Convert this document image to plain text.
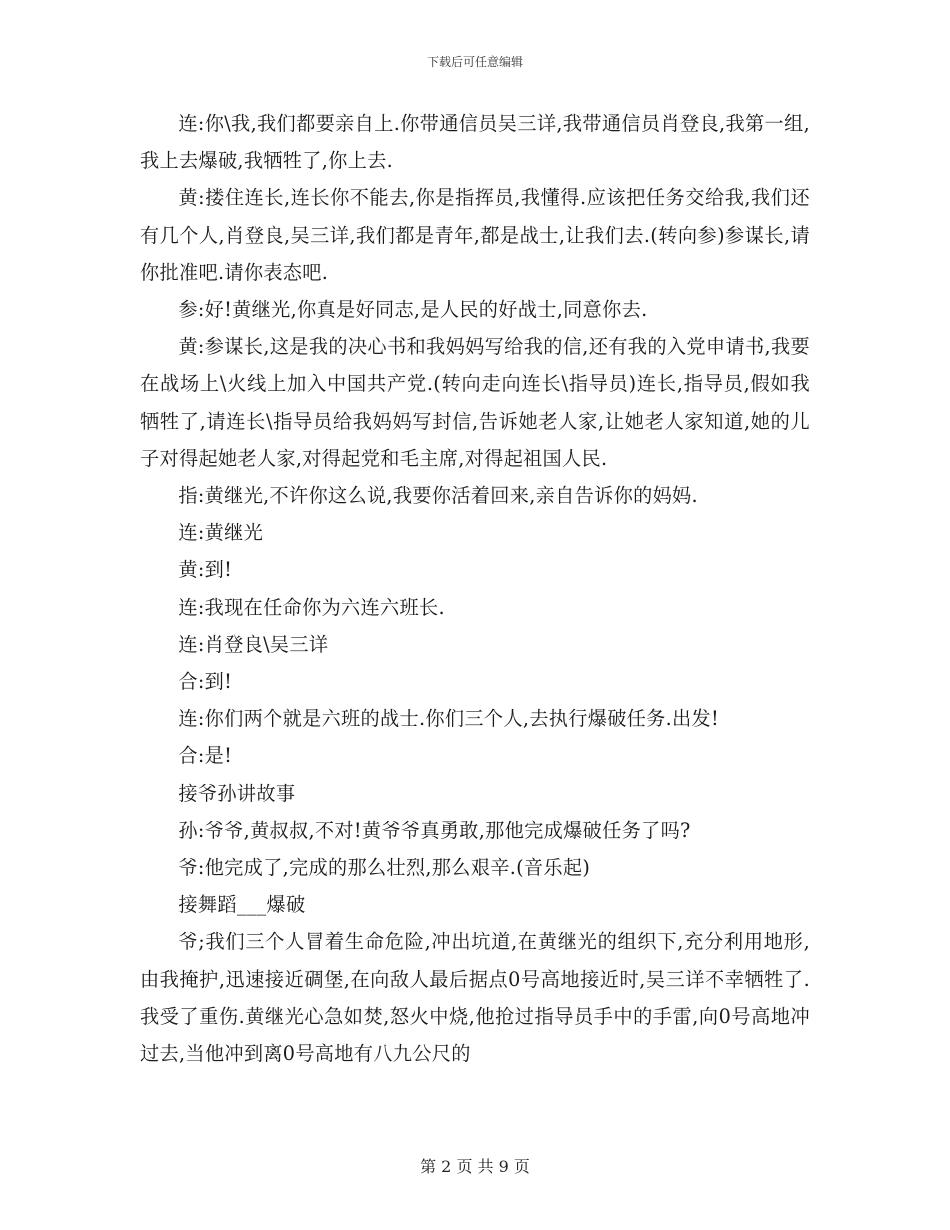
下载后可任意编辑

连:你\我,我们都要亲自上.你带通信员吴三详,我带通信员肖登良,我第一组,我上去爆破,我牺牲了,你上去.

黄:搂住连长,连长你不能去,你是指挥员,我懂得.应该把任务交给我,我们还有几个人,肖登良,吴三详,我们都是青年,都是战士,让我们去.(转向参)参谋长,请你批准吧.请你表态吧.

参:好!黄继光,你真是好同志,是人民的好战士,同意你去.

黄:参谋长,这是我的决心书和我妈妈写给我的信,还有我的入党申请书,我要在战场上\火线上加入中国共产党.(转向走向连长\指导员)连长,指导员,假如我牺牲了,请连长\指导员给我妈妈写封信,告诉她老人家,让她老人家知道,她的儿子对得起她老人家,对得起党和毛主席,对得起祖国人民.

指:黄继光,不许你这么说,我要你活着回来,亲自告诉你的妈妈.

连:黄继光

黄:到!

连:我现在任命你为六连六班长.

连:肖登良\吴三详

合:到!

连:你们两个就是六班的战士.你们三个人,去执行爆破任务.出发!

合:是!

接爷孙讲故事

孙:爷爷,黄叔叔,不对!黄爷爷真勇敢,那他完成爆破任务了吗?

爷:他完成了,完成的那么壮烈,那么艰辛.(音乐起)

接舞蹈___爆破

爷;我们三个人冒着生命危险,冲出坑道,在黄继光的组织下,充分利用地形,由我掩护,迅速接近碉堡,在向敌人最后据点0号高地接近时,吴三详不幸牺牲了.我受了重伤.黄继光心急如焚,怒火中烧,他抢过指导员手中的手雷,向0号高地冲过去,当他冲到离0号高地有八九公尺的

第 2 页 共 9 页
